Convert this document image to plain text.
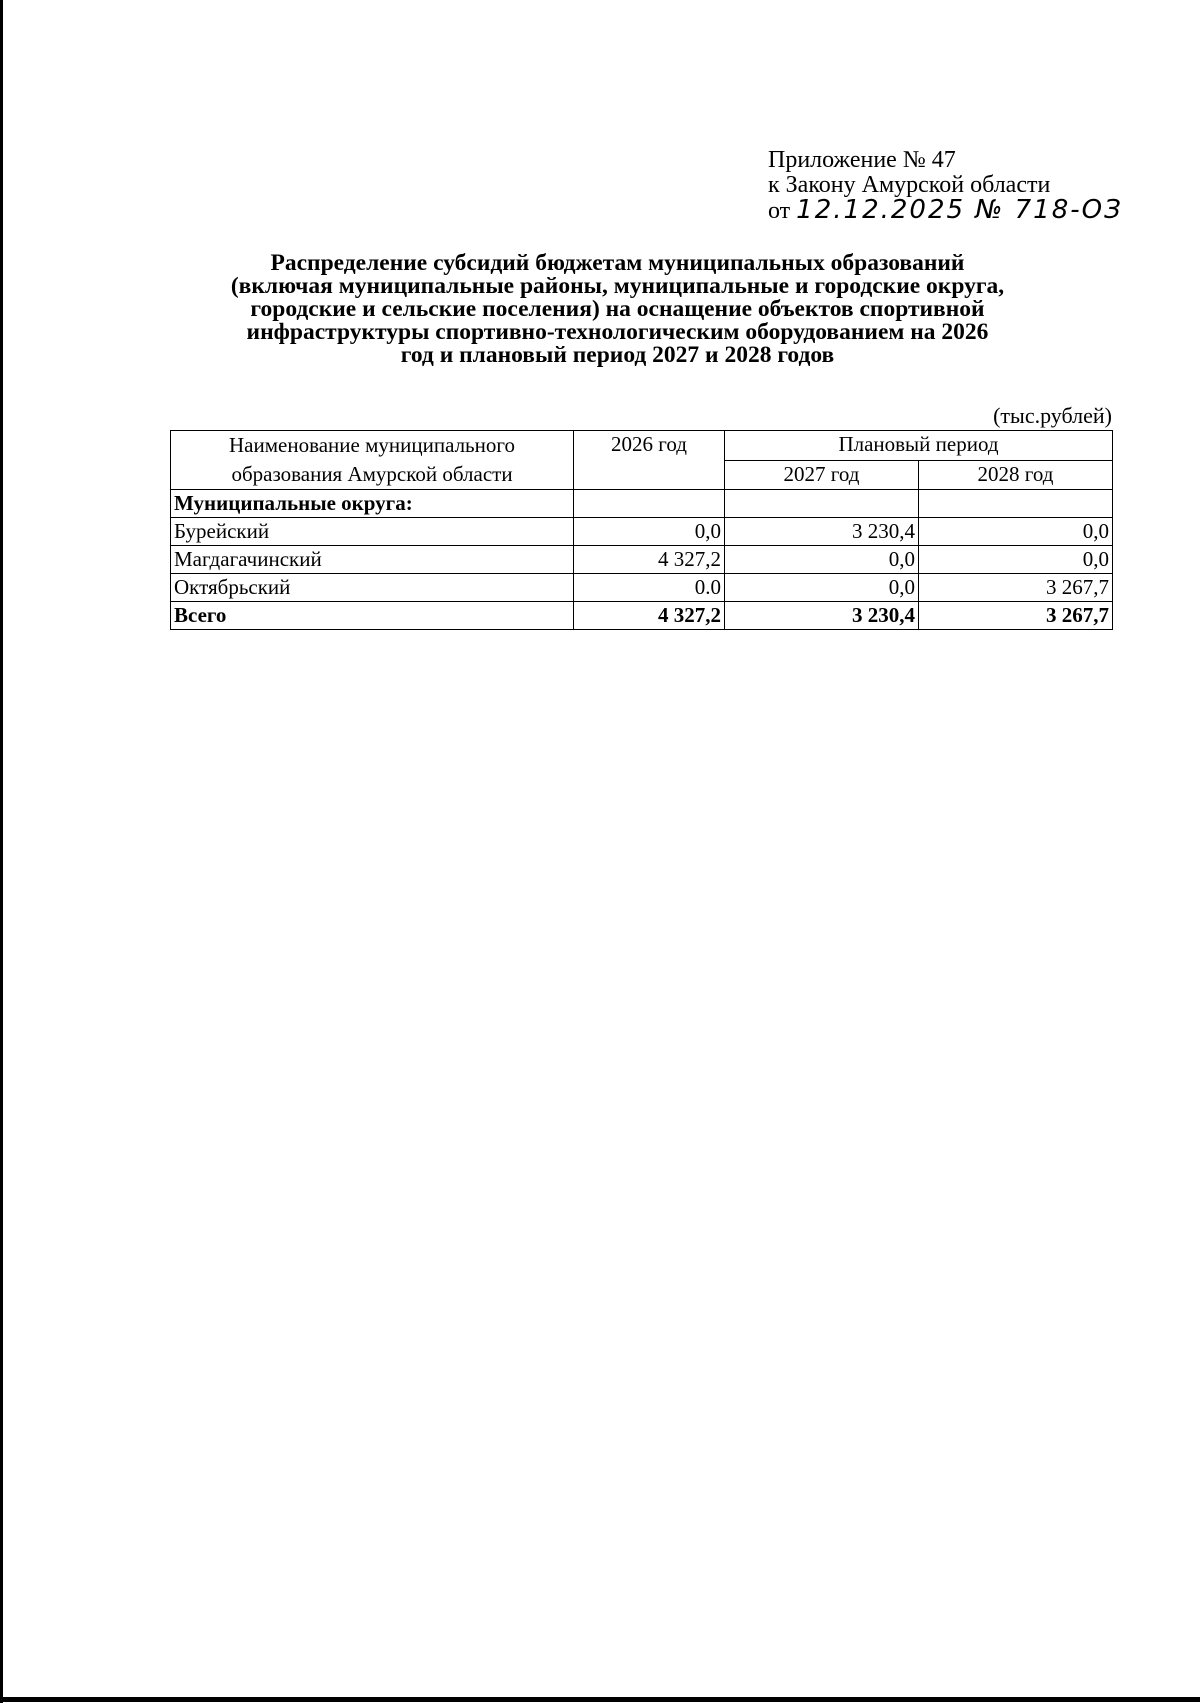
Приложение № 47
к Закону Амурской области
от 12.12.2025 № 718-ОЗ
Распределение субсидий бюджетам муниципальных образований
(включая муниципальные районы, муниципальные и городские округа,
городские и сельские поселения) на оснащение объектов спортивной
инфраструктуры спортивно-технологическим оборудованием на 2026
год и плановый период 2027 и 2028 годов
(тыс.рублей)
Наименование муниципального образования Амурской области	2026 год	Плановый период	
		2027 год	2028 год
Муниципальные округа:			
Бурейский	0,0	3 230,4	0,0
Магдагачинский	4 327,2	0,0	0,0
Октябрьский	0.0	0,0	3 267,7
Всего	4 327,2	3 230,4	3 267,7
